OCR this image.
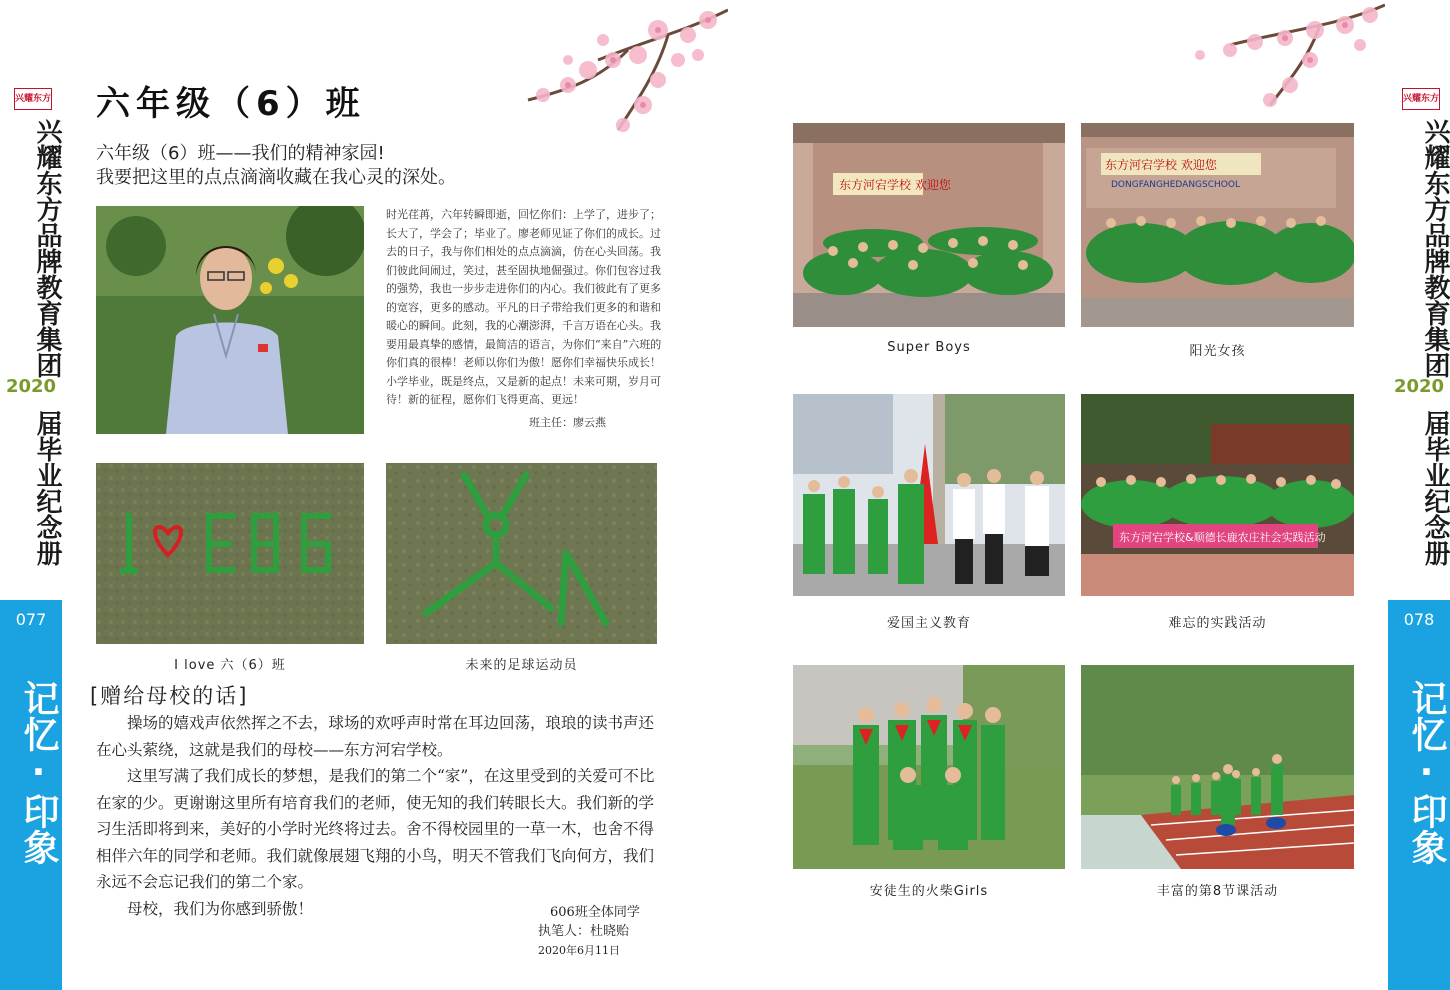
兴耀东方
兴耀东方品牌教育集团
2020
届毕业纪念册
077
记忆·印象
兴耀东方
兴耀东方品牌教育集团
2020
届毕业纪念册
078
记忆·印象
六年级（6）班
六年级（6）班——我们的精神家园!
我要把这里的点点滴滴收藏在我心灵的深处。
时光荏苒，六年转瞬即逝，回忆你们：上学了，进步了；长大了，学会了；毕业了。廖老师见证了你们的成长。过去的日子，我与你们相处的点点滴滴，仿在心头回荡。我们彼此间闹过，笑过，甚至固执地倔强过。你们包容过我的强势，我也一步步走进你们的内心。我们彼此有了更多的宽容，更多的感动。平凡的日子带给我们更多的和谐和暖心的瞬间。此刻，我的心潮澎湃，千言万语在心头。我要用最真挚的感情，最简洁的语言，为你们“来自”六班的你们真的很棒！老师以你们为傲！愿你们幸福快乐成长！小学毕业，既是终点，又是新的起点！未来可期，岁月可待！新的征程，愿你们飞得更高、更远！
班主任：廖云燕
I love 六（6）班	未来的足球运动员
[赠给母校的话]

操场的嬉戏声依然挥之不去，球场的欢呼声时常在耳边回荡，琅琅的读书声还在心头萦绕，这就是我们的母校——东方河宕学校。

这里写满了我们成长的梦想，是我们的第二个“家”，在这里受到的关爱可不比在家的少。更谢谢这里所有培育我们的老师，使无知的我们转眼长大。我们新的学习生活即将到来，美好的小学时光终将过去。舍不得校园里的一草一木，也舍不得相伴六年的同学和老师。我们就像展翅飞翔的小鸟，明天不管我们飞向何方，我们永远不会忘记我们的第二个家。

母校，我们为你感到骄傲！	606班全体同学
执笔人：杜晓贻
2020年6月11日
东方河宕学校 欢迎您
Super Boys
东方河宕学校 欢迎您
DONGFANGHEDANGSCHOOL
阳光女孩
爱国主义教育
东方河宕学校&顺德长鹿农庄社会实践活动
难忘的实践活动
安徒生的火柴Girls	丰富的第8节课活动
